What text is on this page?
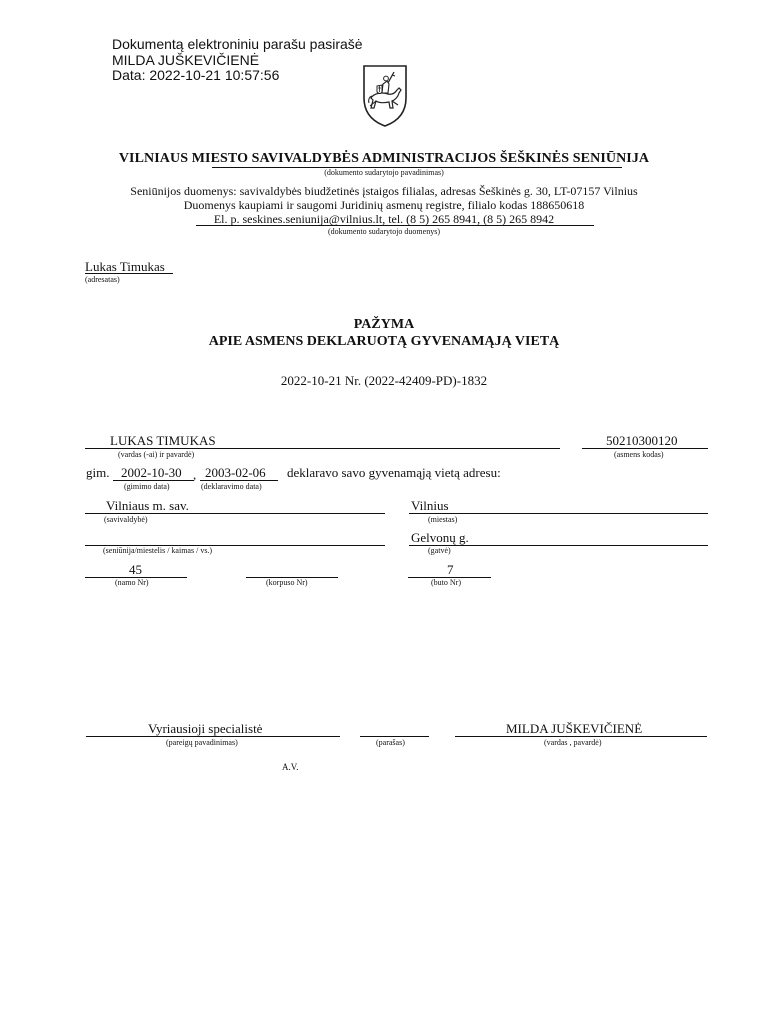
Dokumentą elektroniniu parašu pasirašė
MILDA JUŠKEVIČIENĖ
Data: 2022-10-21 10:57:56
VILNIAUS MIESTO SAVIVALDYBĖS ADMINISTRACIJOS ŠEŠKINĖS SENIŪNIJA
(dokumento sudarytojo pavadinimas)
Seniūnijos duomenys: savivaldybės biudžetinės įstaigos filialas, adresas Šeškinės g. 30, LT-07157 Vilnius
Duomenys kaupiami ir saugomi Juridinių asmenų registre, filialo kodas 188650618
El. p. seskines.seniunija@vilnius.lt, tel. (8 5) 265 8941, (8 5) 265 8942
(dokumento sudarytojo duomenys)
Lukas Timukas
(adresatas)
PAŽYMA
APIE ASMENS DEKLARUOTĄ GYVENAMĄJĄ VIETĄ
2022-10-21 Nr. (2022-42409-PD)-1832
LUKAS TIMUKAS
(vardas (-ai) ir pavardė)
50210300120
(asmens kodas)
gim. 2002-10-30
(gimimo data)
, 2003-02-06
(deklaravimo data)
deklaravo savo gyvenamąją vietą adresu:
Vilniaus m. sav.
(savivaldybė)
Vilnius
(miestas)
(seniūnija/miestelis / kaimas / vs.)
Gelvonų g.
(gatvė)
45
(namo Nr)	(korpuso Nr)
7
(buto Nr)
Vyriausioji specialistė
(pareigų pavadinimas)	(parašas)
MILDA JUŠKEVIČIENĖ
(vardas , pavardė)
A.V.
